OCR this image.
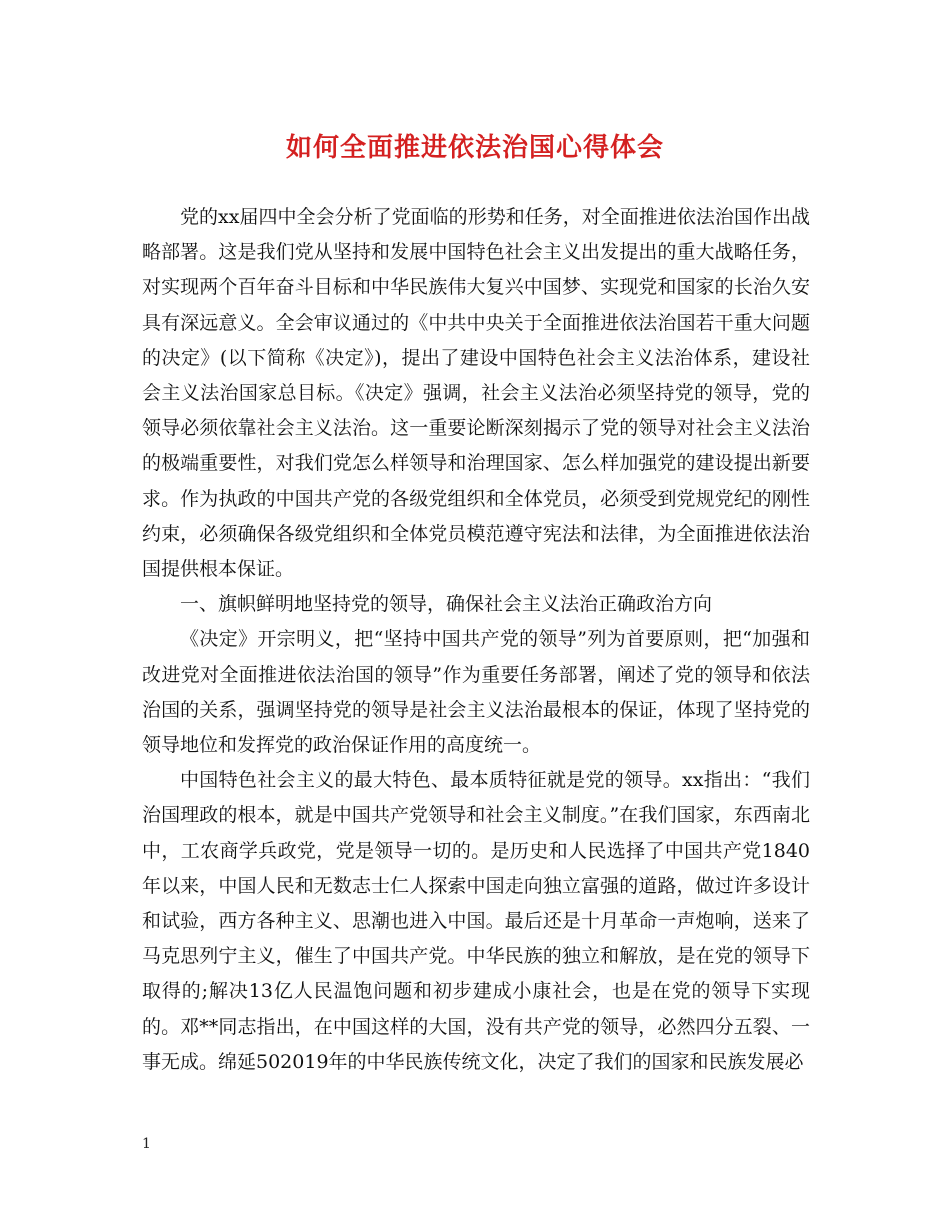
如何全面推进依法治国心得体会

党的xx届四中全会分析了党面临的形势和任务，对全面推进依法治国作出战略部署。这是我们党从坚持和发展中国特色社会主义出发提出的重大战略任务，对实现两个百年奋斗目标和中华民族伟大复兴中国梦、实现党和国家的长治久安具有深远意义。全会审议通过的《中共中央关于全面推进依法治国若干重大问题的决定》(以下简称《决定》)，提出了建设中国特色社会主义法治体系，建设社会主义法治国家总目标。《决定》强调，社会主义法治必须坚持党的领导，党的领导必须依靠社会主义法治。这一重要论断深刻揭示了党的领导对社会主义法治的极端重要性，对我们党怎么样领导和治理国家、怎么样加强党的建设提出新要求。作为执政的中国共产党的各级党组织和全体党员，必须受到党规党纪的刚性约束，必须确保各级党组织和全体党员模范遵守宪法和法律，为全面推进依法治国提供根本保证。

一、旗帜鲜明地坚持党的领导，确保社会主义法治正确政治方向

《决定》开宗明义，把“坚持中国共产党的领导”列为首要原则，把“加强和改进党对全面推进依法治国的领导”作为重要任务部署，阐述了党的领导和依法治国的关系，强调坚持党的领导是社会主义法治最根本的保证，体现了坚持党的领导地位和发挥党的政治保证作用的高度统一。

中国特色社会主义的最大特色、最本质特征就是党的领导。xx指出：“我们治国理政的根本，就是中国共产党领导和社会主义制度。”在我们国家，东西南北中，工农商学兵政党，党是领导一切的。是历史和人民选择了中国共产党1840年以来，中国人民和无数志士仁人探索中国走向独立富强的道路，做过许多设计和试验，西方各种主义、思潮也进入中国。最后还是十月革命一声炮响，送来了马克思列宁主义，催生了中国共产党。中华民族的独立和解放，是在党的领导下取得的;解决13亿人民温饱问题和初步建成小康社会，也是在党的领导下实现的。邓**同志指出，在中国这样的大国，没有共产党的领导，必然四分五裂、一事无成。绵延502019年的中华民族传统文化，决定了我们的国家和民族发展必

1
